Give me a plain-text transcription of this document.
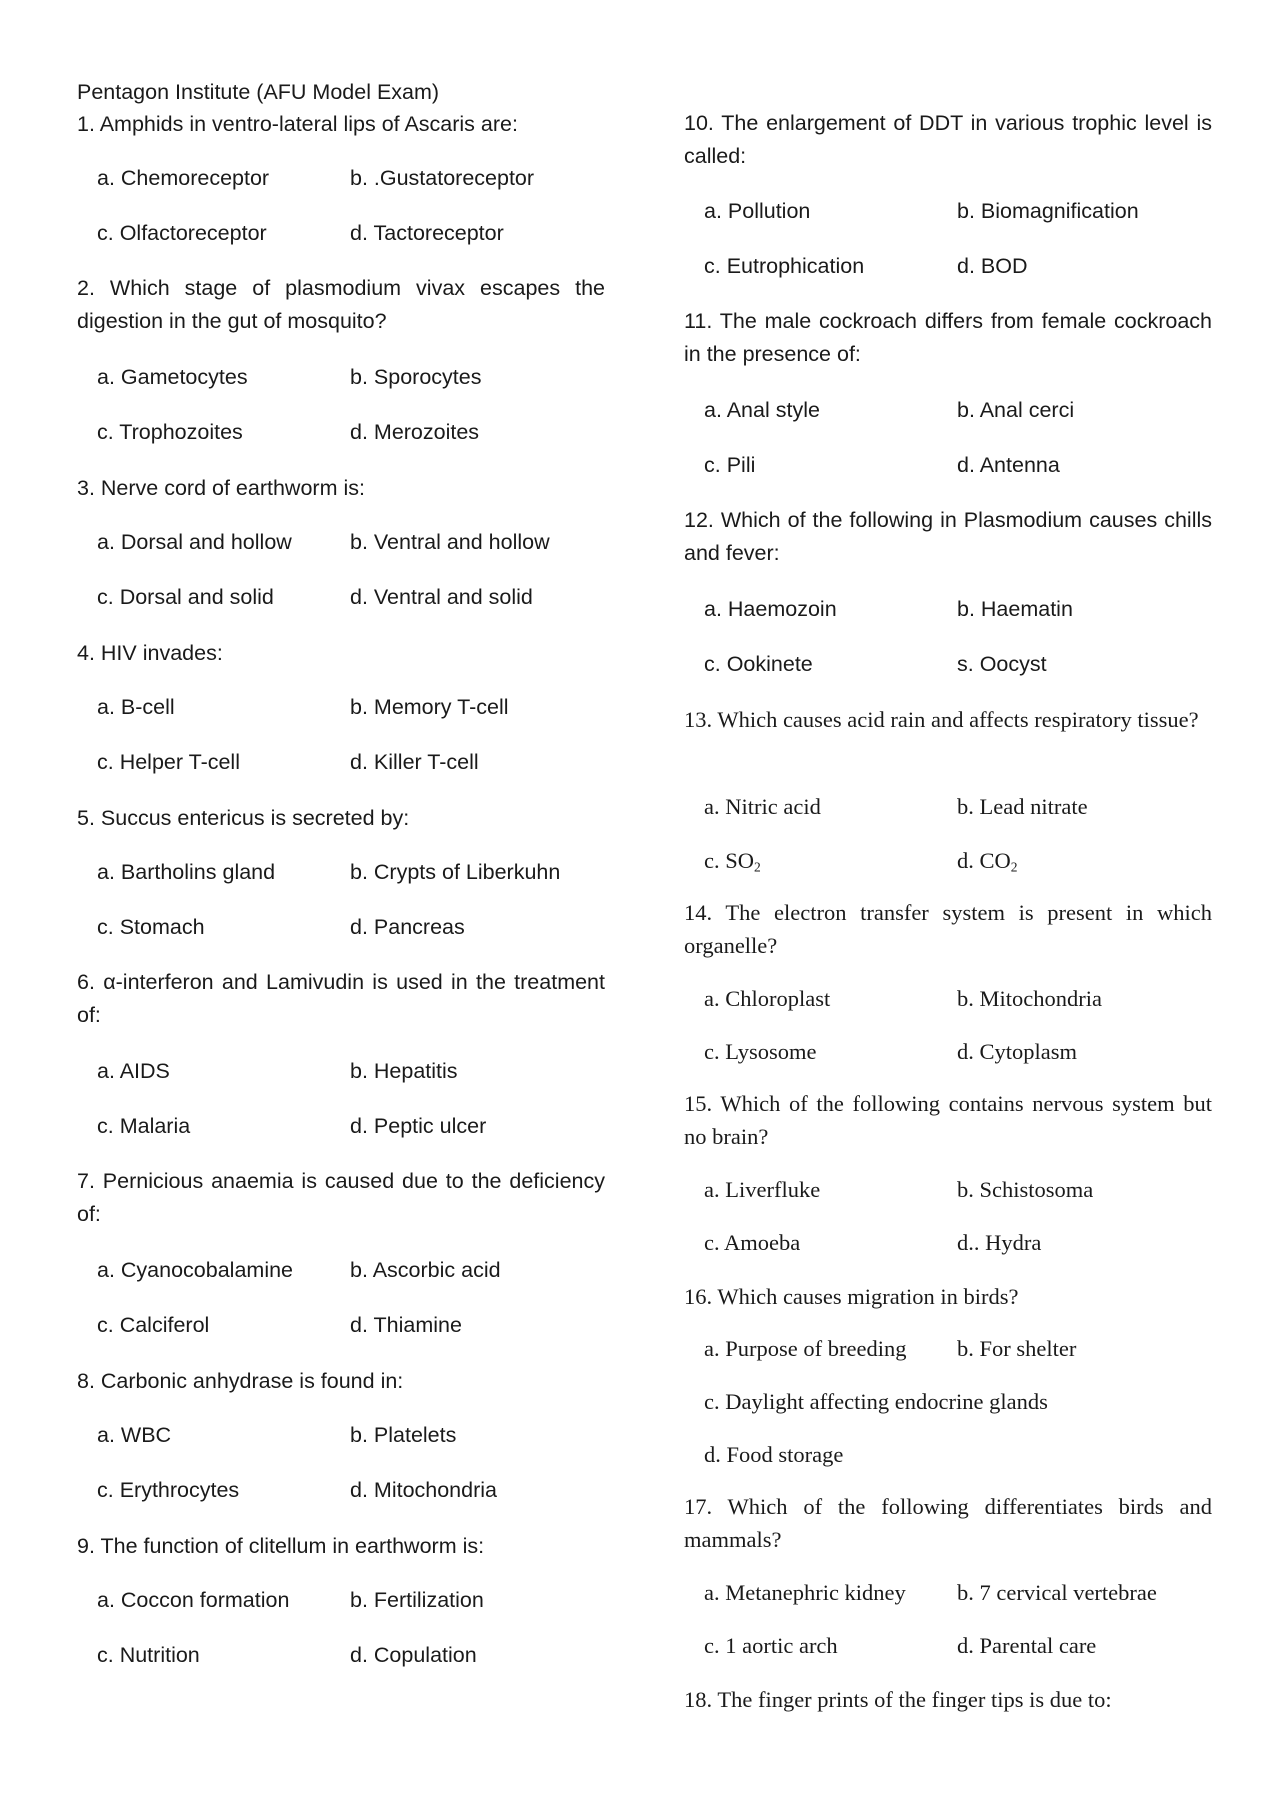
Pentagon Institute (AFU Model Exam)
1. Amphids in ventro-lateral lips of Ascaris are:
a. Chemoreceptor	b. .Gustatoreceptor
c. Olfactoreceptor	d. Tactoreceptor
2. Which stage of plasmodium vivax escapes the digestion in the gut of mosquito?
a. Gametocytes	b. Sporocytes
c. Trophozoites	d. Merozoites
3. Nerve cord of earthworm is:
a. Dorsal and hollow	b. Ventral and hollow
c. Dorsal and solid	d. Ventral and solid
4. HIV invades:
a. B-cell	b. Memory T-cell
c. Helper T-cell	d. Killer T-cell
5. Succus entericus is secreted by:
a. Bartholins gland	b. Crypts of Liberkuhn
c. Stomach	d. Pancreas
6. α-interferon and Lamivudin is used in the treatment of:
a. AIDS	b. Hepatitis
c. Malaria	d. Peptic ulcer
7. Pernicious anaemia is caused due to the deficiency of:
a. Cyanocobalamine	b. Ascorbic acid
c. Calciferol	d. Thiamine
8. Carbonic anhydrase is found in:
a. WBC	b. Platelets
c. Erythrocytes	d. Mitochondria
9. The function of clitellum in earthworm is:
a. Coccon formation	b. Fertilization
c. Nutrition	d. Copulation
10. The enlargement of DDT in various trophic level is called:
a. Pollution	b. Biomagnification
c. Eutrophication	d. BOD
11. The male cockroach differs from female cockroach in the presence of:
a. Anal style	b. Anal cerci
c. Pili	d. Antenna
12. Which of the following in Plasmodium causes chills and fever:
a. Haemozoin	b. Haematin
c. Ookinete	s. Oocyst
13. Which causes acid rain and affects respiratory tissue?
a. Nitric acid	b. Lead nitrate
c. $SO_2$	d. $CO_2$
14. The electron transfer system is present in which organelle?
a. Chloroplast	b. Mitochondria
c. Lysosome	d. Cytoplasm
15. Which of the following contains nervous system but no brain?
a. Liverfluke	b. Schistosoma
c. Amoeba	d.. Hydra
16. Which causes migration in birds?
a. Purpose of breeding b. For shelter
c. Daylight affecting endocrine glands
d. Food storage
17. Which of the following differentiates birds and mammals?
a. Metanephric kidney b. 7 cervical vertebrae
c. 1 aortic arch	d. Parental care
18. The finger prints of the finger tips is due to:
